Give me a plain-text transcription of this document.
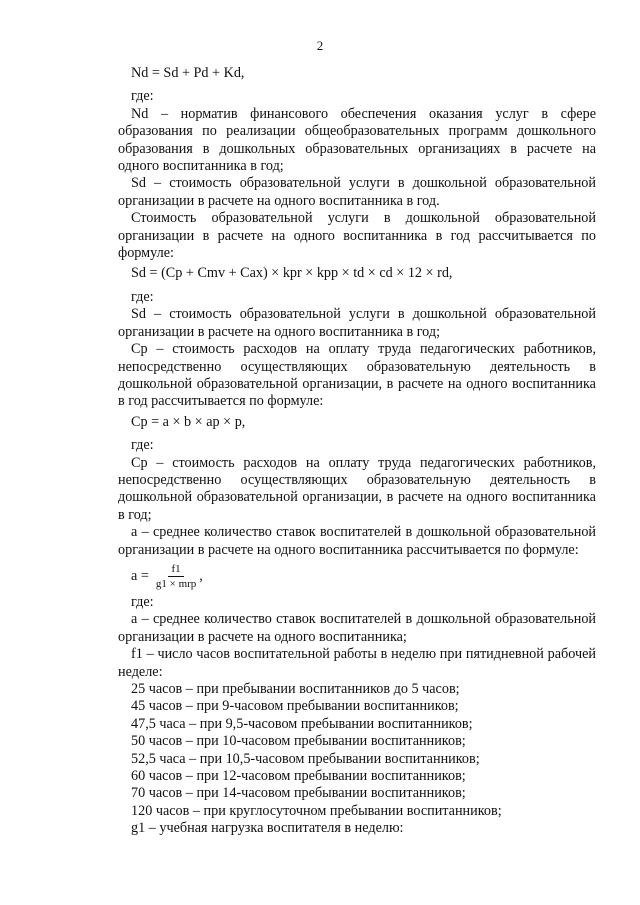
2

Nd = Sd + Pd + Kd,

где:

Nd – норматив финансового обеспечения оказания услуг в сфере образования по реализации общеобразовательных программ дошкольного образования в дошкольных образовательных организациях в расчете на одного воспитанника в год;

Sd – стоимость образовательной услуги в дошкольной образовательной организации в расчете на одного воспитанника в год.

Стоимость образовательной услуги в дошкольной образовательной организации в расчете на одного воспитанника в год рассчитывается по формуле:

Sd = (Cp + Cmv + Cax) × kpr × kpp × td × cd × 12 × rd,

где:

Sd – стоимость образовательной услуги в дошкольной образовательной организации в расчете на одного воспитанника в год;

Cp – стоимость расходов на оплату труда педагогических работников, непосредственно осуществляющих образовательную деятельность в дошкольной образовательной организации, в расчете на одного воспитанника в год рассчитывается по формуле:

Cp = a × b × ap × p,

где:

Cp – стоимость расходов на оплату труда педагогических работников, непосредственно осуществляющих образовательную деятельность в дошкольной образовательной организации, в расчете на одного воспитанника в год;

a – среднее количество ставок воспитателей в дошкольной образовательной организации в расчете на одного воспитанника рассчитывается по формуле:

$a = \frac{f1}{\text{g1 × mrp}}$ ,

где:

a – среднее количество ставок воспитателей в дошкольной образовательной организации в расчете на одного воспитанника;

f1 – число часов воспитательной работы в неделю при пятидневной рабочей неделе:

25 часов – при пребывании воспитанников до 5 часов;

45 часов – при 9-часовом пребывании воспитанников;

47,5 часа – при 9,5-часовом пребывании воспитанников;

50 часов – при 10-часовом пребывании воспитанников;

52,5 часа – при 10,5-часовом пребывании воспитанников;

60 часов – при 12-часовом пребывании воспитанников;

70 часов – при 14-часовом пребывании воспитанников;

120 часов – при круглосуточном пребывании воспитанников;

g1 – учебная нагрузка воспитателя в неделю:
